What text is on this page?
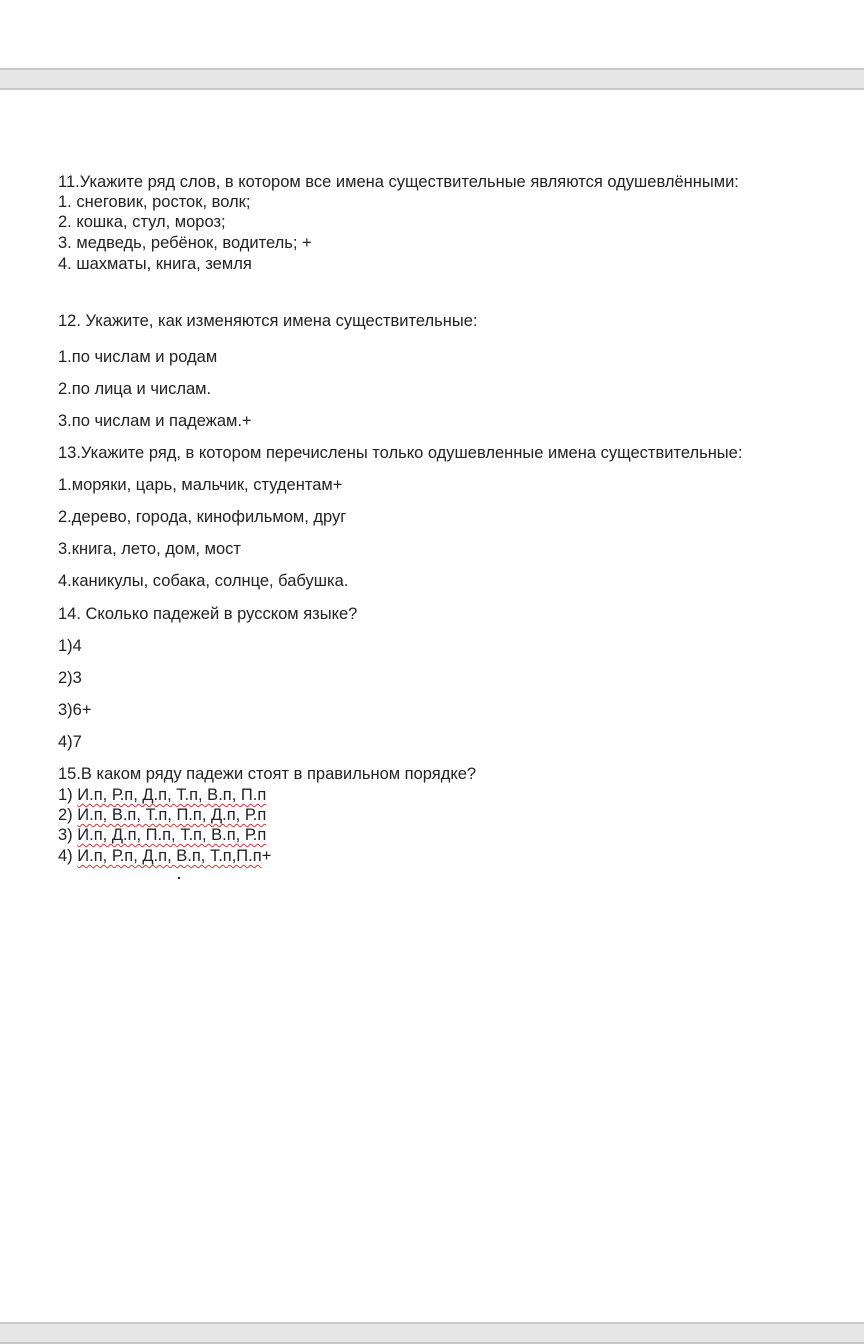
11.Укажите ряд слов, в котором все имена существительные являются одушевлёнными:
1. снеговик, росток, волк;
2. кошка, стул, мороз;
3. медведь, ребёнок, водитель; +
4. шахматы, книга, земля
12. Укажите, как изменяются имена существительные:
1.по числам и родам
2.по лица и числам.
3.по числам и падежам.+
13.Укажите ряд, в котором перечислены только одушевленные имена существительные:
1.моряки, царь, мальчик, студентам+
2.дерево, города, кинофильмом, друг
3.книга, лето, дом, мост
4.каникулы, собака, солнце, бабушка.
14. Сколько падежей в русском языке?
1)4
2)3
3)6+
4)7
15.В каком ряду падежи стоят в правильном порядке?
1) И.п, Р.п, Д.п, Т.п, В.п, П.п
2) И.п, В.п, Т.п, П.п, Д.п, Р.п
3) И.п, Д.п, П.п, Т.п, В.п, Р.п
4) И.п, Р.п, Д.п, В.п, Т.п,П.п+
